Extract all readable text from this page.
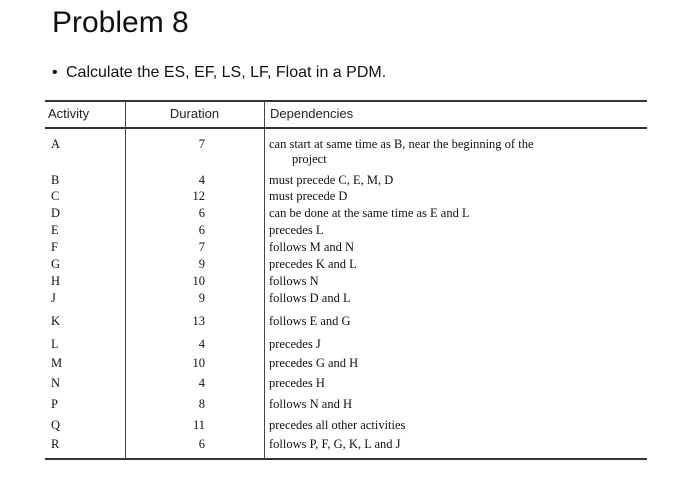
Problem 8
• Calculate the ES, EF, LS, LF, Float in a PDM.
Activity	Duration	Dependencies
A	7	can start at same time as B, near the beginning of the
project
B	4	must precede C, E, M, D
C	12	must precede D
D	6	can be done at the same time as E and L
E	6	precedes L
F	7	follows M and N
G	9	precedes K and L
H	10	follows N
J	9	follows D and L
K	13	follows E and G
L	4	precedes J
M	10	precedes G and H
N	4	precedes H
P	8	follows N and H
Q	11	precedes all other activities
R	6	follows P, F, G, K, L and J
